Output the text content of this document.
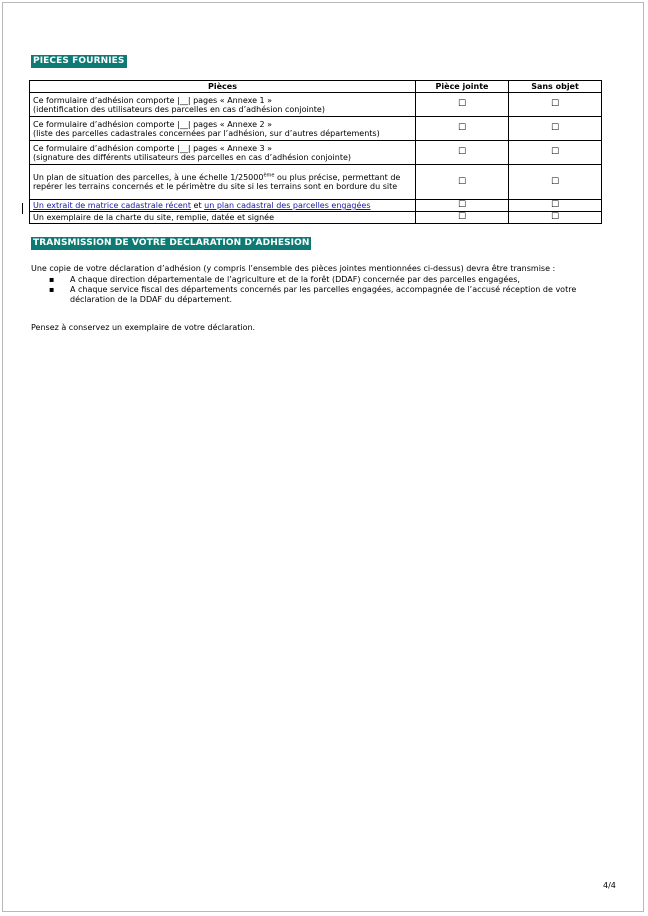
PIECES FOURNIES
Pièces	Pièce jointe	Sans objet

Ce formulaire d’adhésion comporte |__| pages « Annexe 1 »
(identification des utilisateurs des parcelles en cas d’adhésion conjointe)	☐	☐

Ce formulaire d’adhésion comporte |__| pages « Annexe 2 »
(liste des parcelles cadastrales concernées par l’adhésion, sur d’autres départements)	☐	☐

Ce formulaire d’adhésion comporte |__| pages « Annexe 3 »
(signature des différents utilisateurs des parcelles en cas d’adhésion conjointe)	☐	☐
Un plan de situation des parcelles, à une échelle 1/25000ème ou plus précise, permettant de repérer les terrains concernés et le périmètre du site si les terrains sont en bordure du site	☐	☐
Un extrait de matrice cadastrale récent et un plan cadastral des parcelles engagées	☐	☐
Un exemplaire de la charte du site, remplie, datée et signée	☐	☐
TRANSMISSION DE VOTRE DECLARATION D’ADHESION

Une copie de votre déclaration d’adhésion (y compris l’ensemble des pièces jointes mentionnées ci-dessus) devra être transmise :

▪ A chaque direction départementale de l’agriculture et de la forêt (DDAF) concernée par des parcelles engagées,
▪ A chaque service fiscal des départements concernés par les parcelles engagées, accompagnée de l’accusé réception de votre déclaration de la DDAF du département.

Pensez à conservez un exemplaire de votre déclaration.

4/4
